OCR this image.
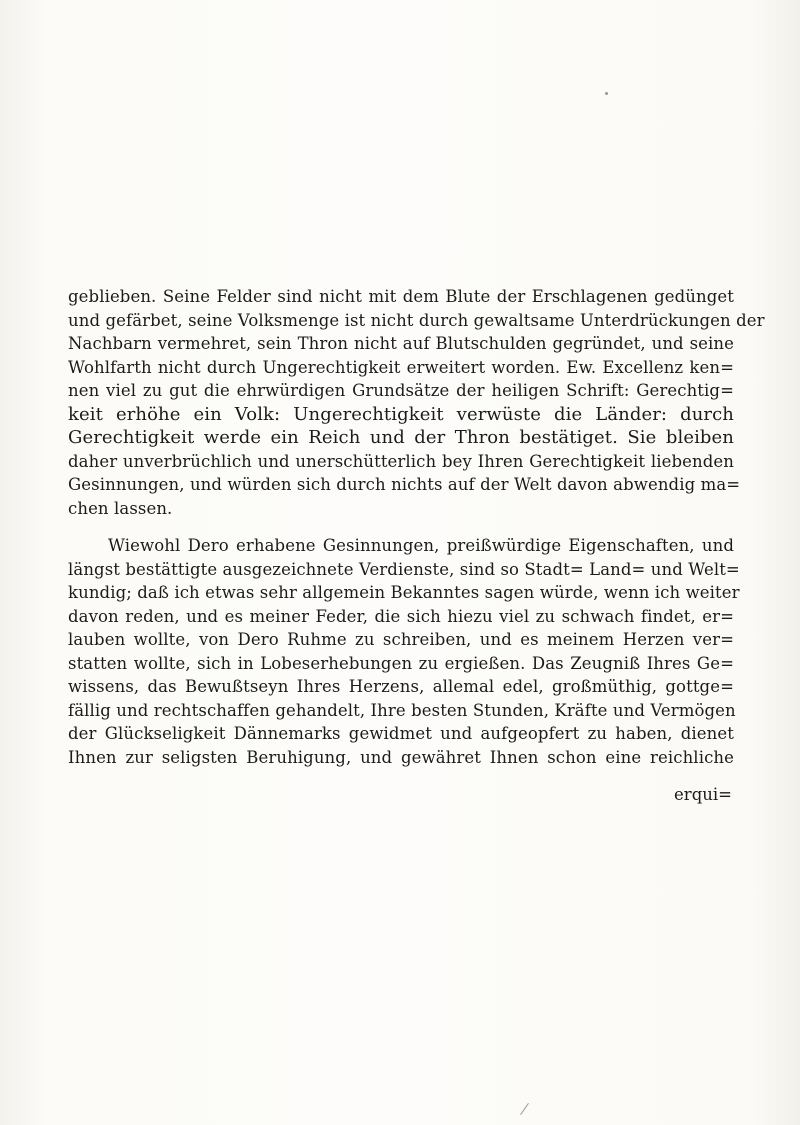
geblieben. Seine Felder sind nicht mit dem Blute der Erschlagenen gedünget
und gefärbet, seine Volksmenge ist nicht durch gewaltsame Unterdrückungen der
Nachbarn vermehret, sein Thron nicht auf Blutschulden gegründet, und seine
Wohlfarth nicht durch Ungerechtigkeit erweitert worden. Ew. Excellenz ken=
nen viel zu gut die ehrwürdigen Grundsätze der heiligen Schrift: Gerechtig=
keit erhöhe ein Volk: Ungerechtigkeit verwüste die Länder: durch
Gerechtigkeit werde ein Reich und der Thron bestätiget. Sie bleiben
daher unverbrüchlich und unerschütterlich bey Ihren Gerechtigkeit liebenden
Gesinnungen, und würden sich durch nichts auf der Welt davon abwendig ma=
chen lassen.
Wiewohl Dero erhabene Gesinnungen, preißwürdige Eigenschaften, und
längst bestättigte ausgezeichnete Verdienste, sind so Stadt= Land= und Welt=
kundig; daß ich etwas sehr allgemein Bekanntes sagen würde, wenn ich weiter
davon reden, und es meiner Feder, die sich hiezu viel zu schwach findet, er=
lauben wollte, von Dero Ruhme zu schreiben, und es meinem Herzen ver=
statten wollte, sich in Lobeserhebungen zu ergießen. Das Zeugniß Ihres Ge=
wissens, das Bewußtseyn Ihres Herzens, allemal edel, großmüthig, gottge=
fällig und rechtschaffen gehandelt, Ihre besten Stunden, Kräfte und Vermögen
der Glückseligkeit Dännemarks gewidmet und aufgeopfert zu haben, dienet
Ihnen zur seligsten Beruhigung, und gewähret Ihnen schon eine reichliche
erqui=
